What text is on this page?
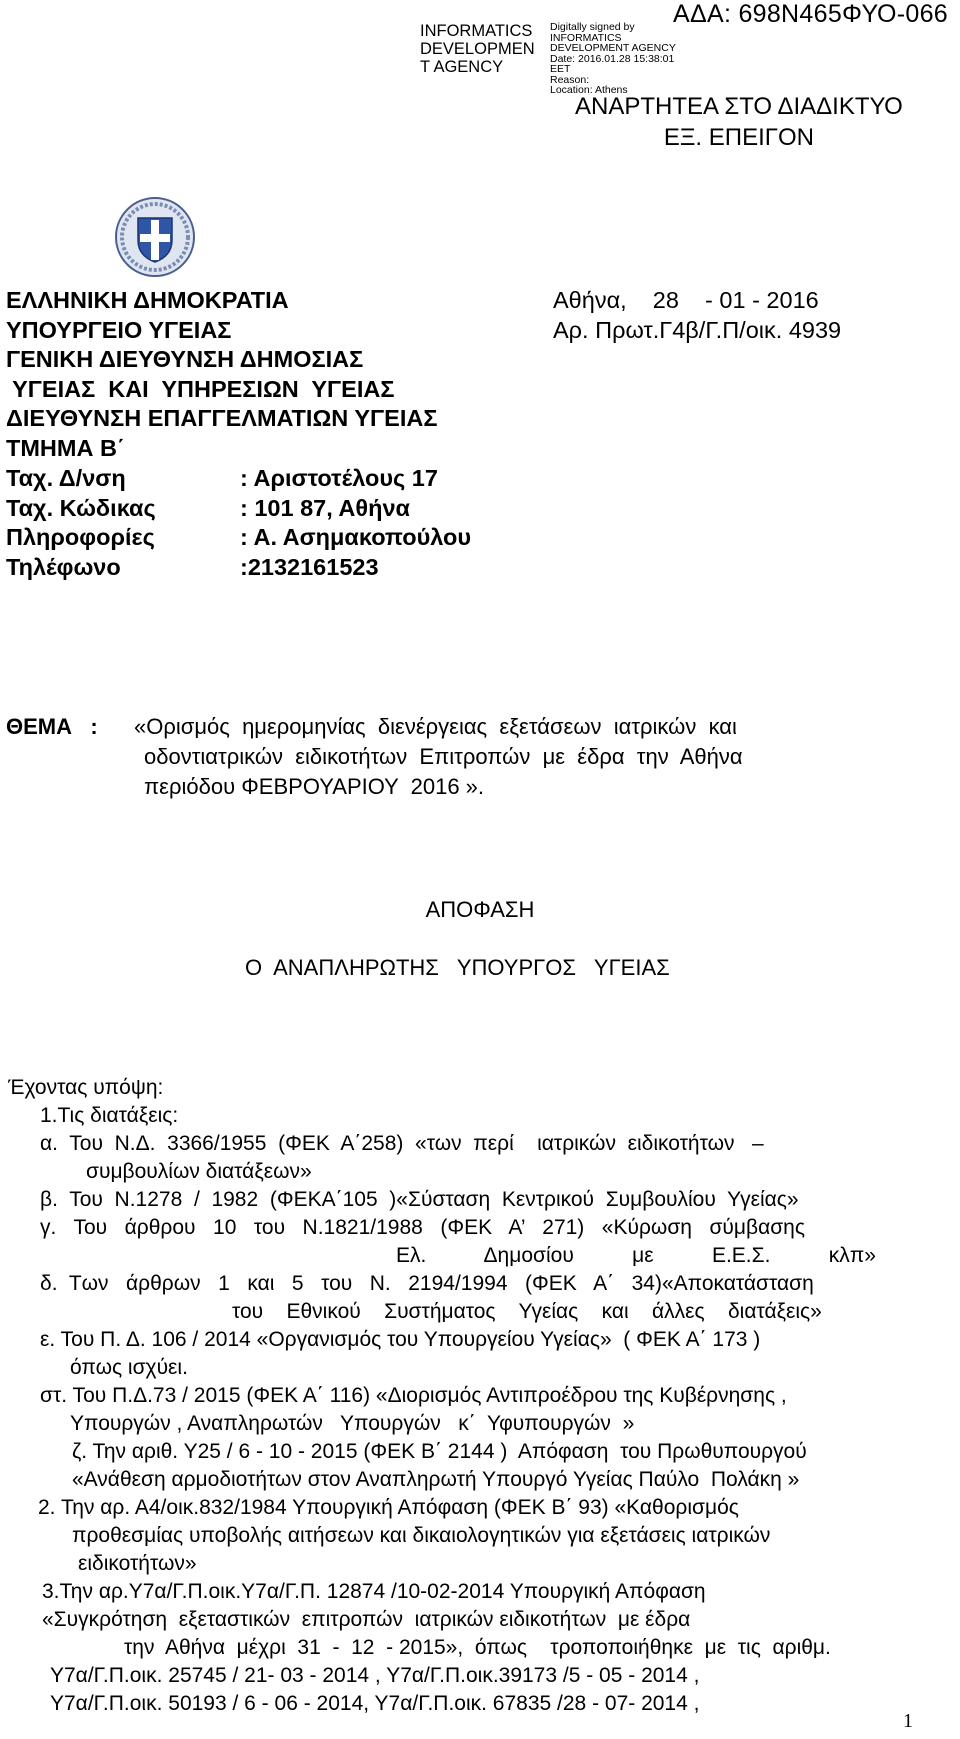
INFORMATICS
DEVELOPMEN
T AGENCY
Digitally signed by
INFORMATICS
DEVELOPMENT AGENCY
Date: 2016.01.28 15:38:01
EET
Reason:
Location: Athens
ΑΔΑ: 698Ν465ΦΥΟ-066
ΑΝΑΡΤΗΤΕΑ ΣΤΟ ΔΙΑΔΙΚΤΥΟ
ΕΞ. ΕΠΕΙΓΟΝ
ΕΛΛΗΝΙΚΗ ΔΗΜΟΚΡΑΤΙΑ
ΥΠΟΥΡΓΕΙΟ ΥΓΕΙΑΣ
ΓΕΝΙΚΗ ΔΙΕΥΘΥΝΣΗ ΔΗΜΟΣΙΑΣ
ΥΓΕΙΑΣ  ΚΑΙ  ΥΠΗΡΕΣΙΩΝ  ΥΓΕΙΑΣ
ΔΙΕΥΘΥΝΣΗ ΕΠΑΓΓΕΛΜΑΤΙΩΝ ΥΓΕΙΑΣ
ΤΜΗΜΑ Β΄
Αθήνα,    28    - 01 - 2016
Αρ. Πρωτ.Γ4β/Γ.Π/οικ. 4939
Ταχ. Δ/νση
Ταχ. Κώδικας
Πληροφορίες
Τηλέφωνο
: Αριστοτέλους 17
: 101 87, Αθήνα
: Α. Ασημακοπούλου
:2132161523
ΘΕΜΑ   : «Ορισμός  ημερομηνίας  διενέργειας  εξετάσεων  ιατρικών  και
οδοντιατρικών  ειδικοτήτων  Επιτροπών  με  έδρα  την  Αθήνα
περιόδου ΦΕΒΡΟΥΑΡΙΟΥ  2016 ».
ΑΠΟΦΑΣΗ
Ο  ΑΝΑΠΛΗΡΩΤΗΣ   ΥΠΟΥΡΓΟΣ   ΥΓΕΙΑΣ
Έχοντας υπόψη:
1.Τις διατάξεις:
α.  Του  Ν.Δ.  3366/1955  (ΦΕΚ  Α΄258)  «των  περί    ιατρικών  ειδικοτήτων   –
συμβουλίων διατάξεων»
β.  Του  Ν.1278  /  1982  (ΦΕΚΑ΄105  )«Σύσταση  Κεντρικού  Συμβουλίου  Υγείας»
γ.   Του   άρθρου   10   του   Ν.1821/1988   (ΦΕΚ   Α’   271)   «Κύρωση   σύμβασης
Ελ.          Δημοσίου          με          Ε.Ε.Σ.          κλπ»
δ.  Των   άρθρων   1   και   5   του   Ν.   2194/1994   (ΦΕΚ   Α΄   34)«Αποκατάσταση
του    Εθνικού    Συστήματος    Υγείας    και    άλλες    διατάξεις»
ε. Του Π. Δ. 106 / 2014 «Οργανισμός του Υπουργείου Υγείας»  ( ΦΕΚ Α΄ 173 )
όπως ισχύει.
στ. Του Π.Δ.73 / 2015 (ΦΕΚ Α΄ 116) «Διορισμός Αντιπροέδρου της Κυβέρνησης ,
Υπουργών , Αναπληρωτών   Υπουργών   κ΄  Υφυπουργών  »
ζ. Την αριθ. Υ25 / 6 - 10 - 2015 (ΦΕΚ Β΄ 2144 )  Απόφαση  του Πρωθυπουργού
«Ανάθεση αρμοδιοτήτων στον Αναπληρωτή Υπουργό Υγείας Παύλο  Πολάκη »
2. Την αρ. Α4/οικ.832/1984 Υπουργική Απόφαση (ΦΕΚ Β΄ 93) «Καθορισμός
προθεσμίας υποβολής αιτήσεων και δικαιολογητικών για εξετάσεις ιατρικών
ειδικοτήτων»
3.Την αρ.Υ7α/Γ.Π.οικ.Υ7α/Γ.Π. 12874 /10-02-2014 Υπουργική Απόφαση
«Συγκρότηση  εξεταστικών  επιτροπών  ιατρικών ειδικοτήτων  με έδρα
την  Αθήνα  μέχρι  31  -  12  - 2015»,  όπως    τροποποιήθηκε  με  τις  αριθμ.
Υ7α/Γ.Π.οικ. 25745 / 21- 03 - 2014 , Υ7α/Γ.Π.οικ.39173 /5 - 05 - 2014 ,
Υ7α/Γ.Π.οικ. 50193 / 6 - 06 - 2014, Υ7α/Γ.Π.οικ. 67835 /28 - 07- 2014 ,
1
